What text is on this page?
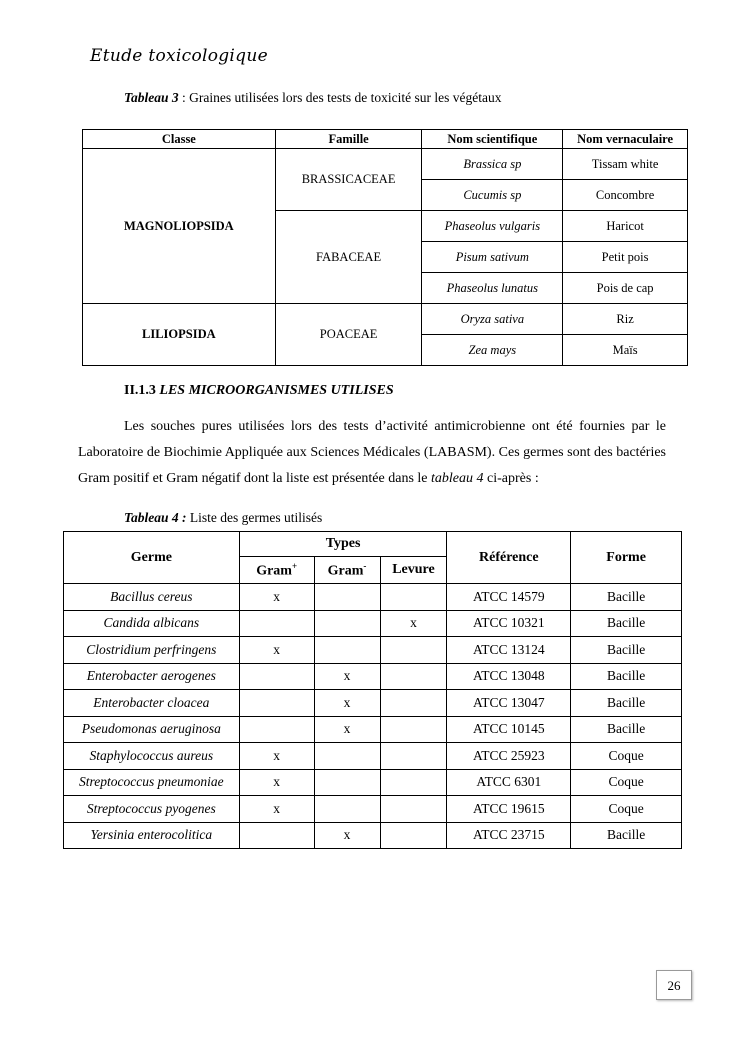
Etude toxicologique
Tableau 3 : Graines utilisées lors des tests de toxicité sur les végétaux
Classe	Famille	Nom scientifique	Nom vernaculaire
MAGNOLIOPSIDA	BRASSICACEAE	Brassica sp	Tissam white
		Cucumis sp	Concombre
	FABACEAE	Phaseolus vulgaris	Haricot
		Pisum sativum	Petit pois
		Phaseolus lunatus	Pois de cap
LILIOPSIDA	POACEAE	Oryza sativa	Riz
		Zea mays	Maïs
II.1.3 LES MICROORGANISMES UTILISES
Les souches pures utilisées lors des tests d’activité antimicrobienne ont été fournies par le Laboratoire de Biochimie Appliquée aux Sciences Médicales (LABASM). Ces germes sont des bactéries Gram positif et Gram négatif dont la liste est présentée dans le tableau 4 ci-après :
Tableau 4 : Liste des germes utilisés
Germe	Types			Référence	Forme
	Gram+	Gram-	Levure		
Bacillus cereus	x			ATCC 14579	Bacille
Candida albicans			x	ATCC 10321	Bacille
Clostridium perfringens	x			ATCC 13124	Bacille
Enterobacter aerogenes		x		ATCC 13048	Bacille
Enterobacter cloacea		x		ATCC 13047	Bacille
Pseudomonas aeruginosa		x		ATCC 10145	Bacille
Staphylococcus aureus	x			ATCC 25923	Coque
Streptococcus pneumoniae	x			ATCC 6301	Coque
Streptococcus pyogenes	x			ATCC 19615	Coque
Yersinia enterocolitica		x		ATCC 23715	Bacille
26
